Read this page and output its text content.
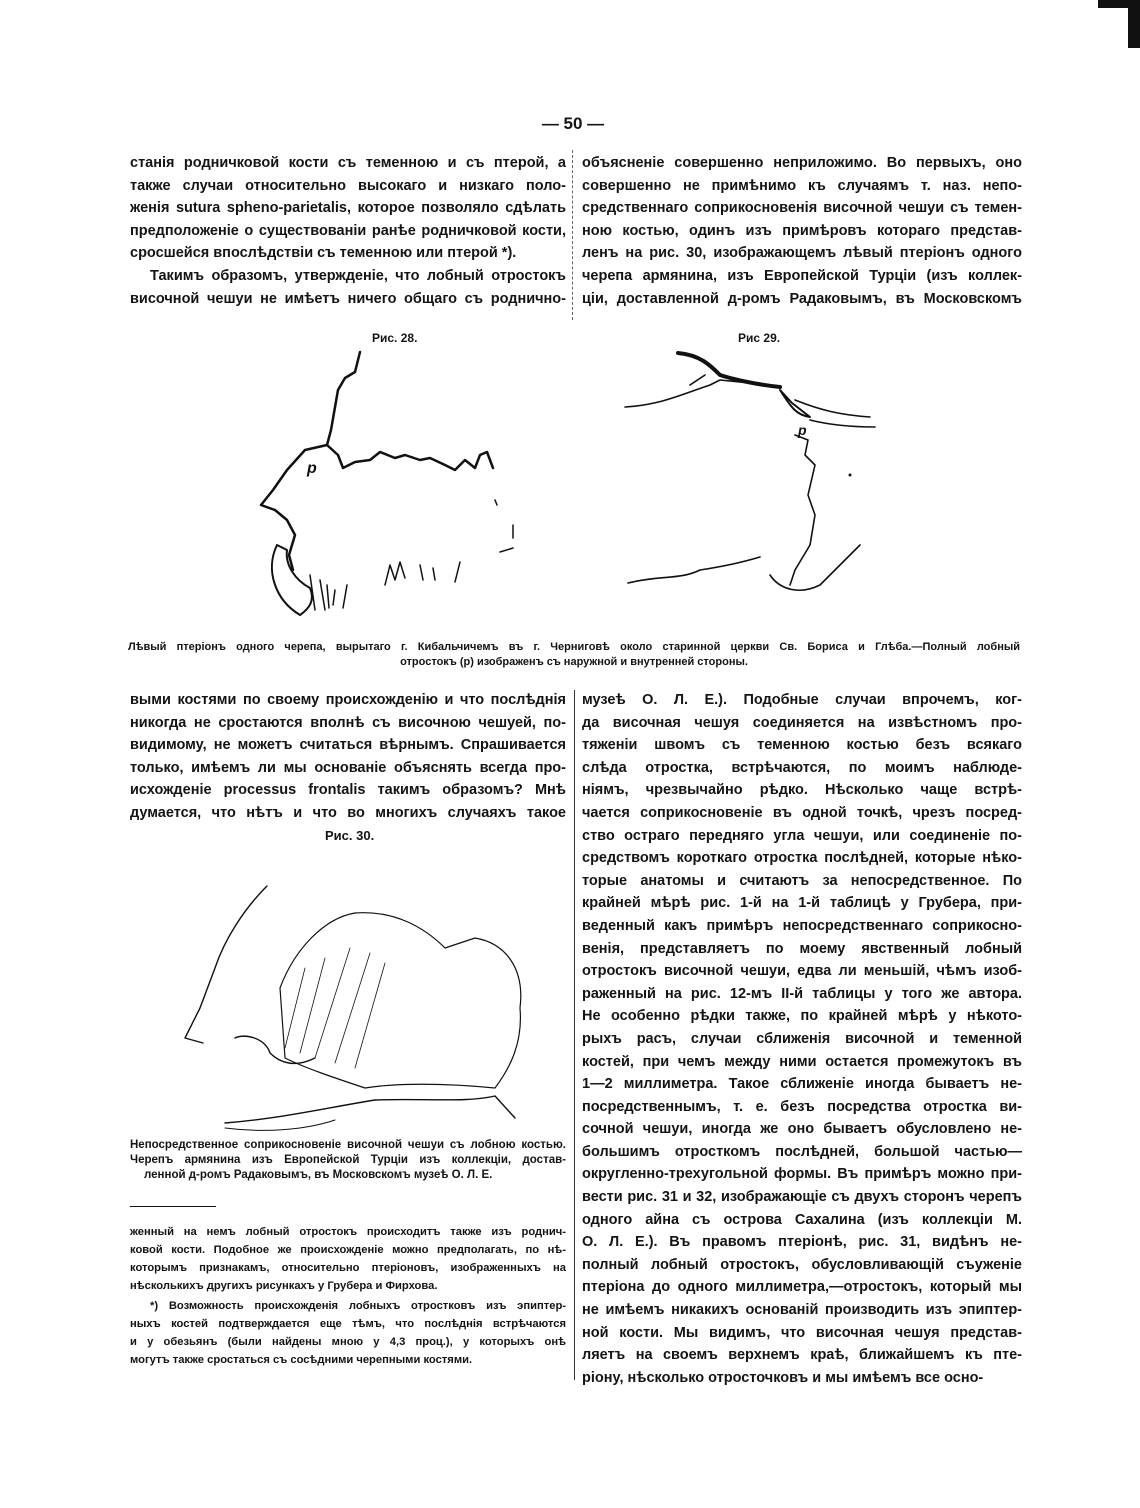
— 50 —
станія родничковой кости съ теменною и съ птерой, а
также случаи относительно высокаго и низкаго поло-
женія sutura spheno-parietalis, которое позволяло сдѣлать
предположеніе о существованіи ранѣе родничковой кости,
сросшейся впослѣдствіи съ теменною или птерой *).
Такимъ образомъ, утвержденіе, что лобный отростокъ
височной чешуи не имѣетъ ничего общаго съ роднично-
объясненіе совершенно неприложимо. Во первыхъ, оно
совершенно не примѣнимо къ случаямъ т. наз. непо-
средственнаго соприкосновенія височной чешуи съ темен-
ною костью, одинъ изъ примѣровъ котораго представ-
ленъ на рис. 30, изображающемъ лѣвый птеріонъ одного
черепа армянина, изъ Европейской Турціи (изъ коллек-
ціи, доставленной д-ромъ Радаковымъ, въ Московскомъ
Рис. 28.
p
Рис 29.
p
Лѣвый птеріонъ одного черепа, вырытаго г. Кибальчичемъ въ г. Черниговѣ около старинной церкви Св. Бориса и Глѣба.—Полный лобный
отростокъ (p) изображенъ съ наружной и внутренней стороны.
выми костями по своему происхожденію и что послѣднія
никогда не сростаются вполнѣ съ височною чешуей, по-
видимому, не можетъ считаться вѣрнымъ. Спрашивается
только, имѣемъ ли мы основаніе объяснять всегда про-
исхожденіе processus frontalis такимъ образомъ? Мнѣ
думается, что нѣтъ и что во многихъ случаяхъ такое
Рис. 30.
Непосредственное соприкосновеніе височной чешуи съ лобною костью.
Черепъ армянина изъ Европейской Турціи изъ коллекціи, достав-
ленной д-ромъ Радаковымъ, въ Московскомъ музеѣ О. Л. Е.
женный на немъ лобный отростокъ происходитъ также изъ роднич-
ковой кости. Подобное же происхожденіе можно предполагать, по нѣ-
которымъ признакамъ, относительно птеріоновъ, изображенныхъ на
нѣсколькихъ другихъ рисункахъ у Грубера и Фирхова.
*) Возможность происхожденія лобныхъ отростковъ изъ эпиптер-
ныхъ костей подтверждается еще тѣмъ, что послѣднія встрѣчаются
и у обезьянъ (были найдены мною у 4,3 проц.), у которыхъ онѣ
могутъ также сростаться съ сосѣдними черепными костями.
музеѣ О. Л. Е.). Подобные случаи впрочемъ, ког-
да височная чешуя соединяется на извѣстномъ про-
тяженіи швомъ съ теменною костью безъ всякаго
слѣда отростка, встрѣчаются, по моимъ наблюде-
ніямъ, чрезвычайно рѣдко. Нѣсколько чаще встрѣ-
чается соприкосновеніе въ одной точкѣ, чрезъ посред-
ство остраго передняго угла чешуи, или соединеніе по-
средствомъ короткаго отростка послѣдней, которые нѣко-
торые анатомы и считаютъ за непосредственное. По
крайней мѣрѣ рис. 1-й на 1-й таблицѣ у Грубера, при-
веденный какъ примѣръ непосредственнаго соприкосно-
венія, представляетъ по моему явственный лобный
отростокъ височной чешуи, едва ли меньшій, чѣмъ изоб-
раженный на рис. 12-мъ II-й таблицы у того же автора.
Не особенно рѣдки также, по крайней мѣрѣ у нѣкото-
рыхъ расъ, случаи сближенія височной и теменной
костей, при чемъ между ними остается промежутокъ въ
1—2 миллиметра. Такое сближеніе иногда бываетъ не-
посредственнымъ, т. е. безъ посредства отростка ви-
сочной чешуи, иногда же оно бываетъ обусловлено не-
большимъ отросткомъ послѣдней, большой частью—
округленно-трехугольной формы. Въ примѣръ можно при-
вести рис. 31 и 32, изображающіе съ двухъ сторонъ черепъ
одного айна съ острова Сахалина (изъ коллекціи М.
О. Л. Е.). Въ правомъ птеріонѣ, рис. 31, видѣнъ не-
полный лобный отростокъ, обусловливающій съуженіе
птеріона до одного миллиметра,—отростокъ, который мы
не имѣемъ никакихъ основаній производить изъ эпиптер-
ной кости. Мы видимъ, что височная чешуя представ-
ляетъ на своемъ верхнемъ краѣ, ближайшемъ къ пте-
ріону, нѣсколько отросточковъ и мы имѣемъ все осно-
